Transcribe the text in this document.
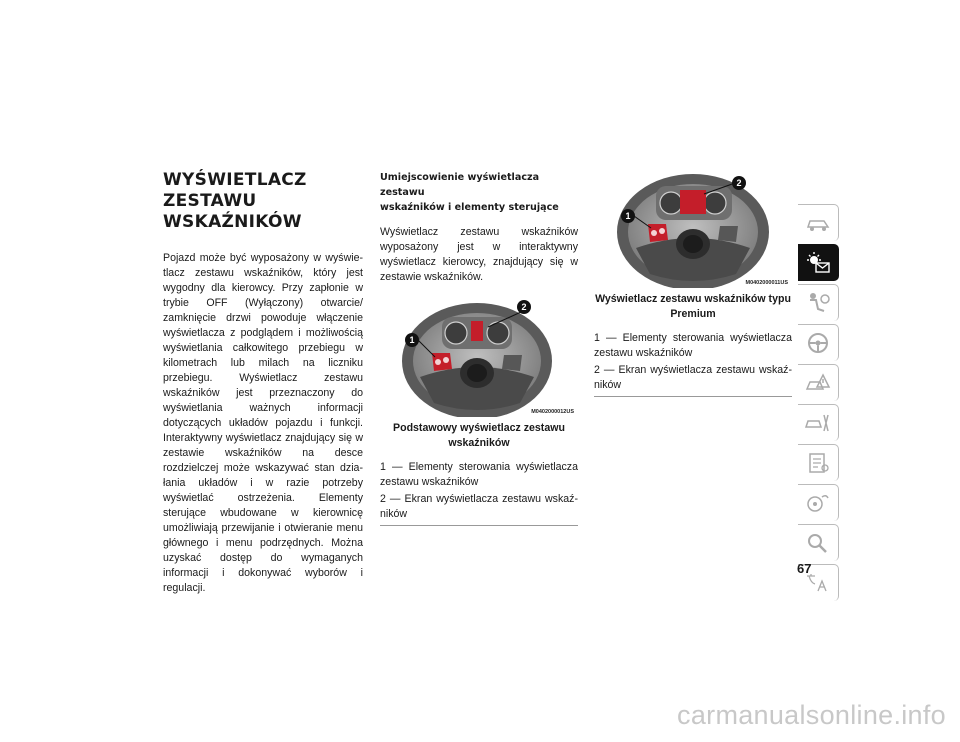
WYŚWIETLACZ ZESTAWU
WSKAŹNIKÓW

Pojazd może być wyposażony w wyświetlacz zestawu wskaźników, który jest wygodny dla kierowcy. Przy zapłonie w trybie OFF (Wyłączony) otwarcie/ zamknięcie drzwi powoduje włączenie wyświetlacza z podglądem i możliwością wyświetlania całkowitego przebiegu w kilometrach lub milach na liczniku przebiegu. Wyświetlacz zestawu wskaźników jest przeznaczony do wyświetlania ważnych informacji dotyczących układów pojazdu i funkcji. Interaktywny wyświetlacz znajdujący się w zestawie wskaźników na desce rozdzielczej może wskazywać stan działania układów i w razie potrzeby wyświetlać ostrzeżenia. Elementy sterujące wbudowane w kierownicę umożliwiają przewijanie i otwieranie menu głównego i menu podrzędnych. Można uzyskać dostęp do wymaganych informacji i dokonywać wyborów i regulacji.

Umiejscowienie wyświetlacza zestawu
wskaźników i elementy sterujące

Wyświetlacz zestawu wskaźników wyposażony jest w interaktywny wyświetlacz kierowcy, znajdujący się w zestawie wskaźników.

1
2
M0402000012US
Podstawowy wyświetlacz zestawu wskaźników

1 — Elementy sterowania wyświetlacza zestawu wskaźników

2 — Ekran wyświetlacza zestawu wskaźników

1
2
M0402000011US
Wyświetlacz zestawu wskaźników typu Premium

1 — Elementy sterowania wyświetlacza zestawu wskaźników

2 — Ekran wyświetlacza zestawu wskaźników

67
carmanualsonline.info
